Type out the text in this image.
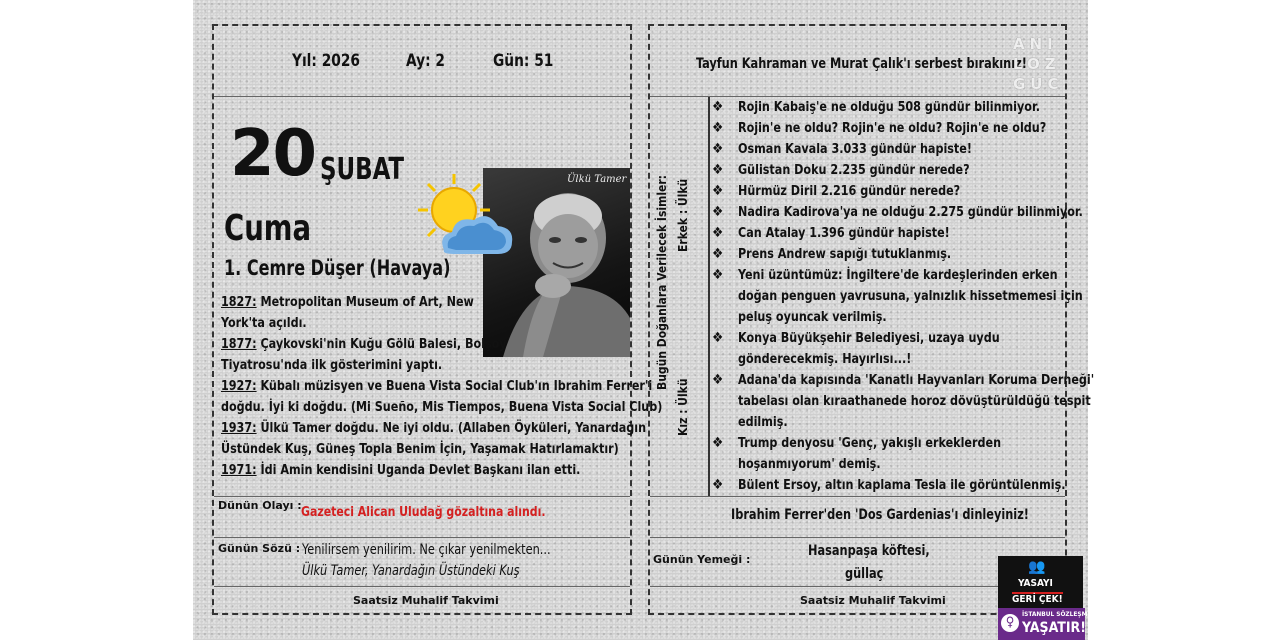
Yıl: 2026	Ay: 2	Gün: 51
20 ŞUBAT
Cuma
1. Cemre Düşer (Havaya)
Ülkü Tamer

1827: Metropolitan Museum of Art, New

York'ta açıldı.

1877: Çaykovski'nin Kuğu Gölü Balesi, Bolşoy

Tiyatrosu'nda ilk gösterimini yaptı.

1927: Kübalı müzisyen ve Buena Vista Social Club'ın Ibrahim Ferrer'i

doğdu. İyi ki doğdu. (Mi Sueño, Mis Tiempos, Buena Vista Social Club)

1937: Ülkü Tamer doğdu. Ne iyi oldu. (Allaben Öyküleri, Yanardağın

Üstündek Kuş, Güneş Topla Benim İçin, Yaşamak Hatırlamaktır)

1971: İdi Amin kendisini Uganda Devlet Başkanı ilan etti.

Dünün Olayı : Gazeteci Alican Uludağ gözaltına alındı.
Günün Sözü : Yenilirsem yenilirim. Ne çıkar yenilmekten...
Ülkü Tamer, Yanardağın Üstündeki Kuş
Saatsiz Muhalif Takvimi
Tayfun Kahraman ve Murat Çalık'ı serbest bırakınız!
ANI
LOZ
GUC
Bugün Doğanlara Verilecek İsimler: Erkek : Ülkü
Kız : Ülkü
❖ Rojin Kabaiş'e ne olduğu 508 gündür bilinmiyor.
❖ Rojin'e ne oldu? Rojin'e ne oldu? Rojin'e ne oldu?
❖ Osman Kavala 3.033 gündür hapiste!
❖ Gülistan Doku 2.235 gündür nerede?
❖ Hürmüz Diril 2.216 gündür nerede?
❖ Nadira Kadirova'ya ne olduğu 2.275 gündür bilinmiyor.
❖ Can Atalay 1.396 gündür hapiste!
❖ Prens Andrew sapığı tutuklanmış.
❖ Yeni üzüntümüz: İngiltere'de kardeşlerinden erken
doğan penguen yavrusuna, yalnızlık hissetmemesi için
peluş oyuncak verilmiş.
❖ Konya Büyükşehir Belediyesi, uzaya uydu
gönderecekmiş. Hayırlısı...!
❖ Adana'da kapısında 'Kanatlı Hayvanları Koruma Derneği'
tabelası olan kıraathanede horoz dövüştürüldüğü tespit
edilmiş.
❖ Trump denyosu 'Genç, yakışlı erkeklerden
hoşanmıyorum' demiş.
❖ Bülent Ersoy, altın kaplama Tesla ile görüntülenmiş.
Ibrahim Ferrer'den 'Dos Gardenias'ı dinleyiniz!
Günün Yemeği :
Hasanpaşa köftesi,
güllaç
Saatsiz Muhalif Takvimi
👥
YASAYI
GERİ ÇEK!
♀
İSTANBUL SÖZLEŞMESİ
YAŞATIR!
